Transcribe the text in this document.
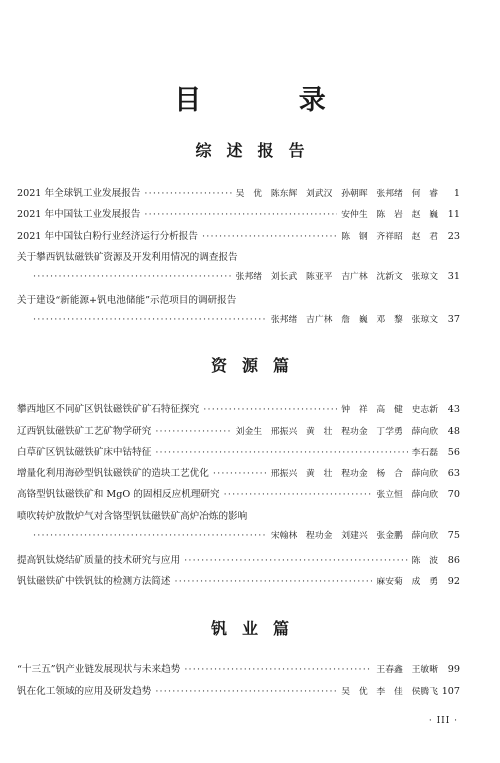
目 录
综述报告
2021 年全球钒工业发展报告 ·····	吴 优 陈东辉 刘武汉 孙朝晖 张邦绪 何 睿	1
2021 年中国钛工业发展报告 ·····	安仲生 陈 岩 赵 巍	11
2021 年中国钛白粉行业经济运行分析报告 ·····	陈 钢 齐祥昭 赵 君	23
关于攀西钒钛磁铁矿资源及开发利用情况的调查报告
·····
张邦绪 刘长武 陈亚平 吉广林 沈新文 张琼文	31
关于建设“新能源+钒电池储能”示范项目的调研报告
·····
张邦绪 吉广林 詹 巍 邓 黎 张琼文	37
资源篇
攀西地区不同矿区钒钛磁铁矿矿石特征探究 ·····	钟 祥 高 健 史志新	43
辽西钒钛磁铁矿工艺矿物学研究 ·····	刘金生 邢振兴 黄 壮 程功金 丁学勇 薛向欣	48
白草矿区钒钛磁铁矿床中钴特征 ·····	李石磊	56
增量化利用海砂型钒钛磁铁矿的造块工艺优化 ·····	邢振兴 黄 壮 程功金 杨 合 薛向欣	63
高铬型钒钛磁铁矿和 MgO 的固相反应机理研究 ·····	张立恒 薛向欣	70
喷吹转炉放散炉气对含铬型钒钛磁铁矿高炉冶炼的影响
·····
宋翰林 程功金 刘建兴 张金鹏 薛向欣	75
提高钒钛烧结矿质量的技术研究与应用 ·····	陈 波	86
钒钛磁铁矿中铁钒钛的检测方法简述 ·····	麻安菊 成 勇	92
钒业篇
“十三五”钒产业链发展现状与未来趋势 ·····	王春鑫 王敏晰	99
钒在化工领域的应用及研发趋势 ·····	吴 优 李 佳 侯腾飞 107
· III ·
